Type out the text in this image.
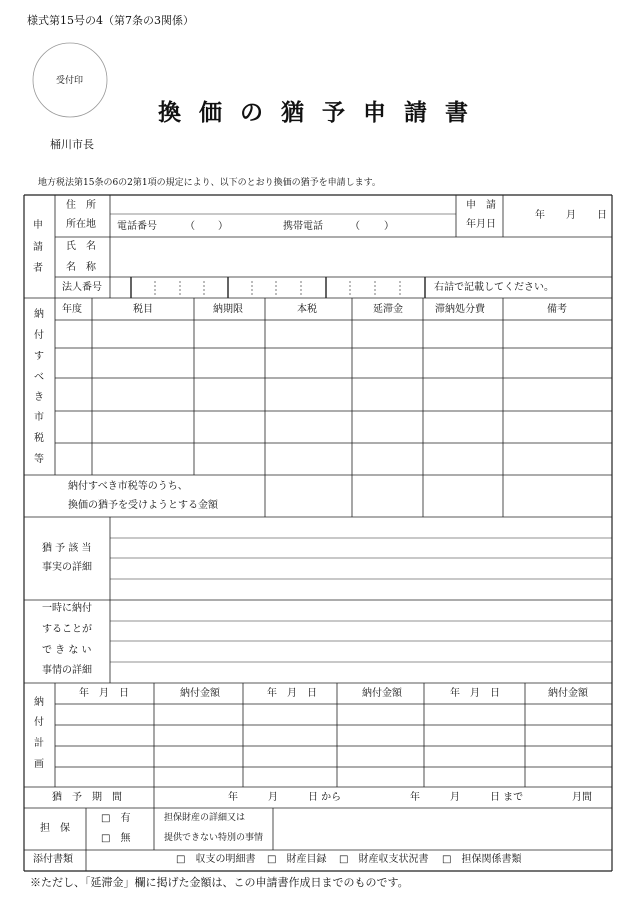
様式第15号の4（第7条の3関係）
受付印
換価の猶予申請書
桶川市長
地方税法第15条の6の2第1項の規定により、以下のとおり換価の猶予を申請します。
申
請
者
住　所
所在地 電話番号	（ ）	携帯電話	（ ）
申　請
年月日
年 月 日
氏　名
名　称
法人番号	右詰で記載してください。
納
付
す
べ
き
市
税
等
年度	税目	納期限	本税	延滞金	滞納処分費	備考
納付すべき市税等のうち、
換価の猶予を受けようとする金額
猶 予 該 当
事実の詳細
一時に納付
することが
で き な い
事情の詳細
納
付
計
画
年　月　日	納付金額	年　月　日	納付金額	年　月　日	納付金額
猶　予　期　間	年　　　月　　　日 から	年　　　月　　　日 まで	月間
担　保
□　有
□　無
担保財産の詳細又は
提供できない特別の事情
添付書類	□　収支の明細書 □　財産目録 □　財産収支状況書 □　担保関係書類
※ただし、「延滞金」欄に掲げた金額は、この申請書作成日までのものです。
